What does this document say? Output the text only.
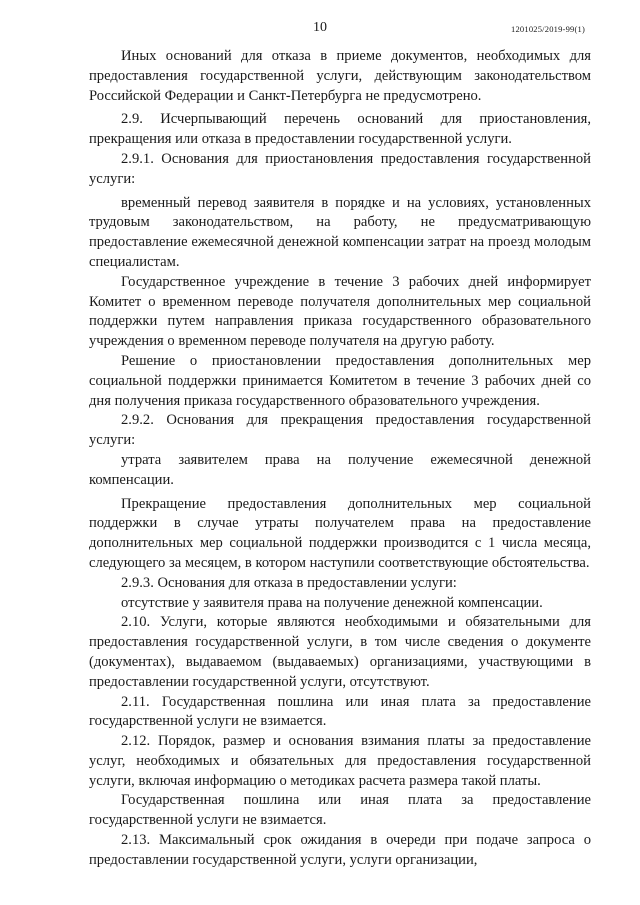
10	1201025/2019-99(1)

Иных оснований для отказа в приеме документов, необходимых для предоставления государственной услуги, действующим законодательством Российской Федерации и Санкт-Петербурга не предусмотрено.

2.9. Исчерпывающий перечень оснований для приостановления, прекращения или отказа в предоставлении государственной услуги.

2.9.1. Основания для приостановления предоставления государственной услуги:

временный перевод заявителя в порядке и на условиях, установленных трудовым законодательством, на работу, не предусматривающую предоставление ежемесячной денежной компенсации затрат на проезд молодым специалистам.

Государственное учреждение в течение 3 рабочих дней информирует Комитет о временном переводе получателя дополнительных мер социальной поддержки путем направления приказа государственного образовательного учреждения о временном переводе получателя на другую работу.

Решение о приостановлении предоставления дополнительных мер социальной поддержки принимается Комитетом в течение 3 рабочих дней со дня получения приказа государственного образовательного учреждения.

2.9.2. Основания для прекращения предоставления государственной услуги:

утрата заявителем права на получение ежемесячной денежной компенсации.

Прекращение предоставления дополнительных мер социальной поддержки в случае утраты получателем права на предоставление дополнительных мер социальной поддержки производится с 1 числа месяца, следующего за месяцем, в котором наступили соответствующие обстоятельства.

2.9.3. Основания для отказа в предоставлении услуги:

отсутствие у заявителя права на получение денежной компенсации.

2.10. Услуги, которые являются необходимыми и обязательными для предоставления государственной услуги, в том числе сведения о документе (документах), выдаваемом (выдаваемых) организациями, участвующими в предоставлении государственной услуги, отсутствуют.

2.11. Государственная пошлина или иная плата за предоставление государственной услуги не взимается.

2.12. Порядок, размер и основания взимания платы за предоставление услуг, необходимых и обязательных для предоставления государственной услуги, включая информацию о методиках расчета размера такой платы.

Государственная пошлина или иная плата за предоставление государственной услуги не взимается.

2.13. Максимальный срок ожидания в очереди при подаче запроса о предоставлении государственной услуги, услуги организации,
